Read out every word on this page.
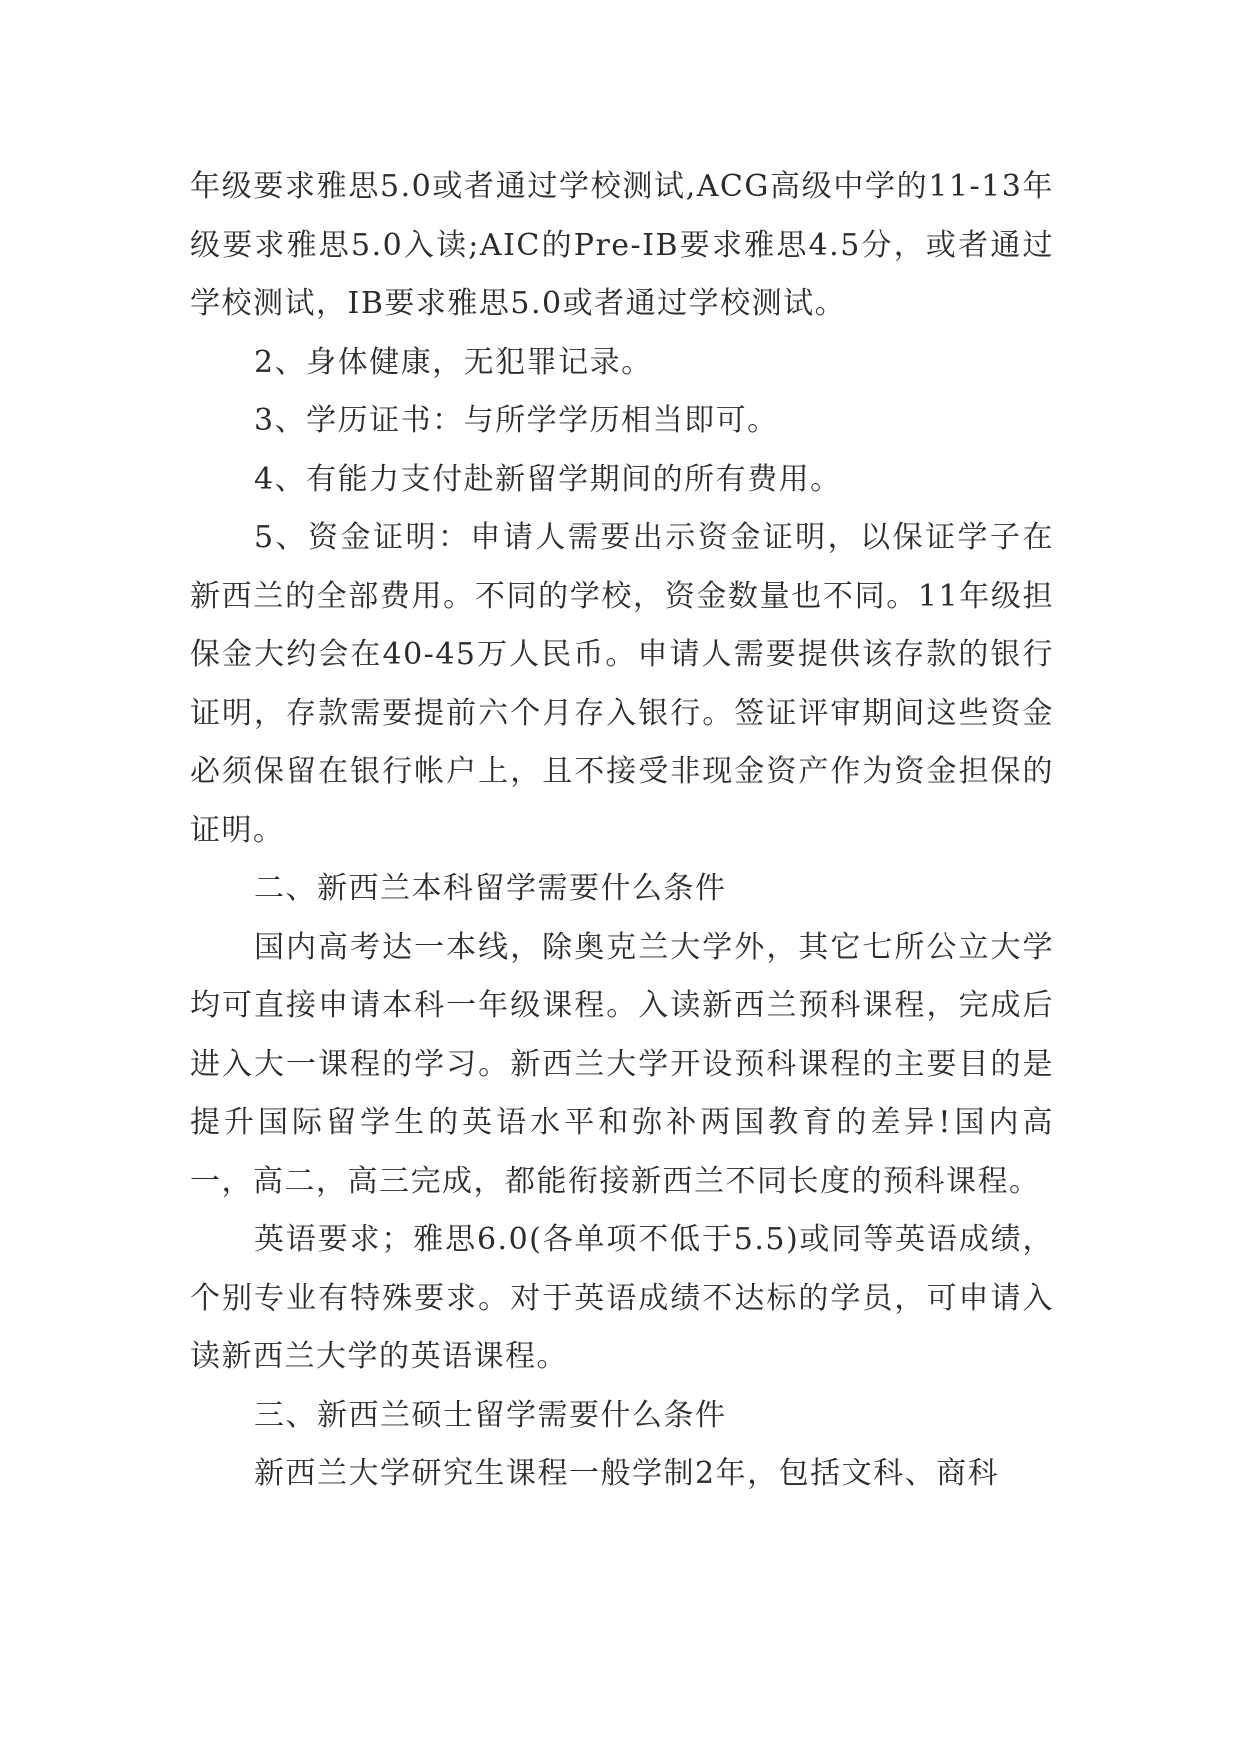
年级要求雅思5.0或者通过学校测试,ACG高级中学的11-13年级要求雅思5.0入读;AIC的Pre-IB要求雅思4.5分，或者通过学校测试，IB要求雅思5.0或者通过学校测试。

2、身体健康，无犯罪记录。

3、学历证书：与所学学历相当即可。

4、有能力支付赴新留学期间的所有费用。

5、资金证明：申请人需要出示资金证明，以保证学子在新西兰的全部费用。不同的学校，资金数量也不同。11年级担保金大约会在40-45万人民币。申请人需要提供该存款的银行证明，存款需要提前六个月存入银行。签证评审期间这些资金必须保留在银行帐户上，且不接受非现金资产作为资金担保的证明。

二、新西兰本科留学需要什么条件

国内高考达一本线，除奥克兰大学外，其它七所公立大学均可直接申请本科一年级课程。入读新西兰预科课程，完成后进入大一课程的学习。新西兰大学开设预科课程的主要目的是提升国际留学生的英语水平和弥补两国教育的差异!国内高一，高二，高三完成，都能衔接新西兰不同长度的预科课程。

英语要求；雅思6.0(各单项不低于5.5)或同等英语成绩，个别专业有特殊要求。对于英语成绩不达标的学员，可申请入读新西兰大学的英语课程。

三、新西兰硕士留学需要什么条件

新西兰大学研究生课程一般学制2年，包括文科、商科
